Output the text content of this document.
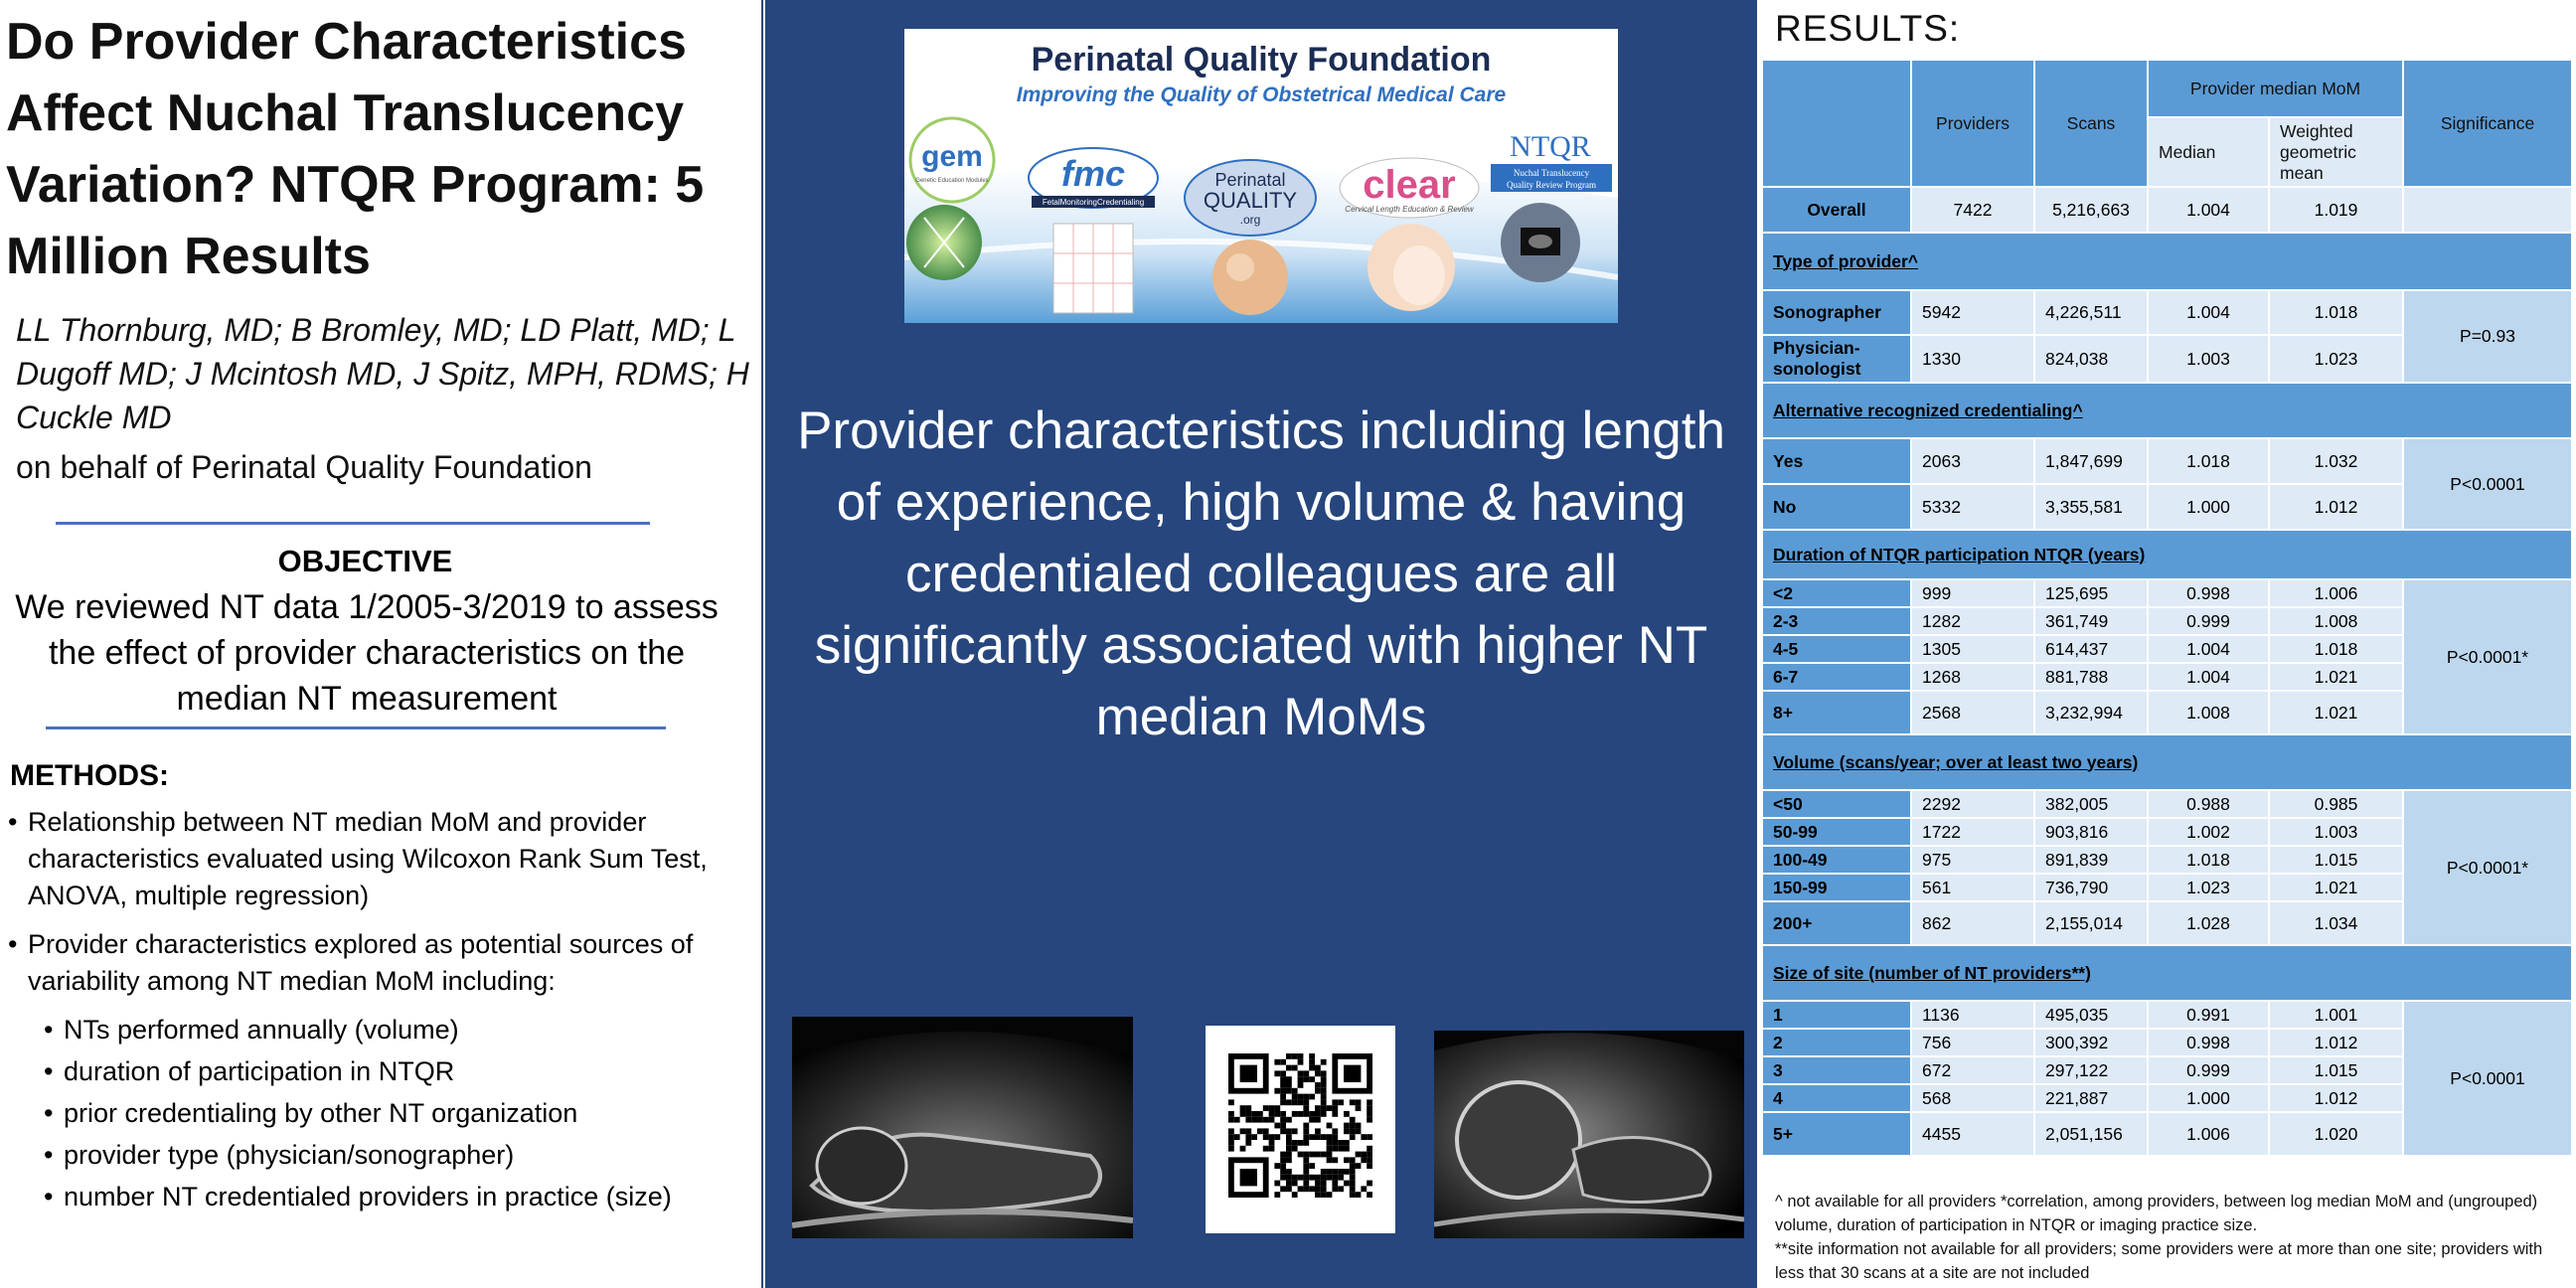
Do Provider Characteristics Affect Nuchal Translucency Variation? NTQR Program: 5 Million Results
LL Thornburg, MD; B Bromley, MD; LD Platt, MD; L Dugoff MD; J Mcintosh MD, J Spitz, MPH, RDMS; H Cuckle MD
on behalf of Perinatal Quality Foundation
OBJECTIVE
We reviewed NT data 1/2005-3/2019 to assess the effect of provider characteristics on the median NT measurement
METHODS:
• Relationship between NT median MoM and provider characteristics evaluated using Wilcoxon Rank Sum Test, ANOVA, multiple regression)
• Provider characteristics explored as potential sources of variability among NT median MoM including:
• NTs performed annually (volume)
• duration of participation in NTQR
• prior credentialing by other NT organization
• provider type (physician/sonographer)
• number NT credentialed providers in practice (size)
gem
Genetic Education Modules fmc
FetalMonitoringCredentialing
Perinatal
QUALITY
.org
clear
Cervical Length Education & Review
NTQR
Nuchal Translucency
Quality Review Program
Perinatal Quality Foundation
Improving the Quality of Obstetrical Medical Care
Provider characteristics including length of experience, high volume & having credentialed colleagues are all significantly associated with higher NT median MoMs
RESULTS:
	Providers	Scans	Provider median MoM		Significance
			Median	Weighted geometric mean	
Overall	7422	5,216,663	1.004	1.019	
Type of provider^					
Sonographer	5942	4,226,511	1.004	1.018	P=0.93
Physician-sonologist	1330	824,038	1.003	1.023	
Alternative recognized credentialing^					
Yes	2063	1,847,699	1.018	1.032	P<0.0001
No	5332	3,355,581	1.000	1.012	
Duration of NTQR participation NTQR (years)					
<2	999	125,695	0.998	1.006	P<0.0001*
2-3	1282	361,749	0.999	1.008	
4-5	1305	614,437	1.004	1.018	
6-7	1268	881,788	1.004	1.021	
8+	2568	3,232,994	1.008	1.021	
Volume (scans/year; over at least two years)					
<50	2292	382,005	0.988	0.985	P<0.0001*
50-99	1722	903,816	1.002	1.003	
100-49	975	891,839	1.018	1.015	
150-99	561	736,790	1.023	1.021	
200+	862	2,155,014	1.028	1.034	
Size of site (number of NT providers**)					
1	1136	495,035	0.991	1.001	P<0.0001
2	756	300,392	0.998	1.012	
3	672	297,122	0.999	1.015	
4	568	221,887	1.000	1.012	
5+	4455	2,051,156	1.006	1.020	
^ not available for all providers *correlation, among providers, between log median MoM and (ungrouped) volume, duration of participation in NTQR or imaging practice size.
**site information not available for all providers; some providers were at more than one site; providers with less that 30 scans at a site are not included
